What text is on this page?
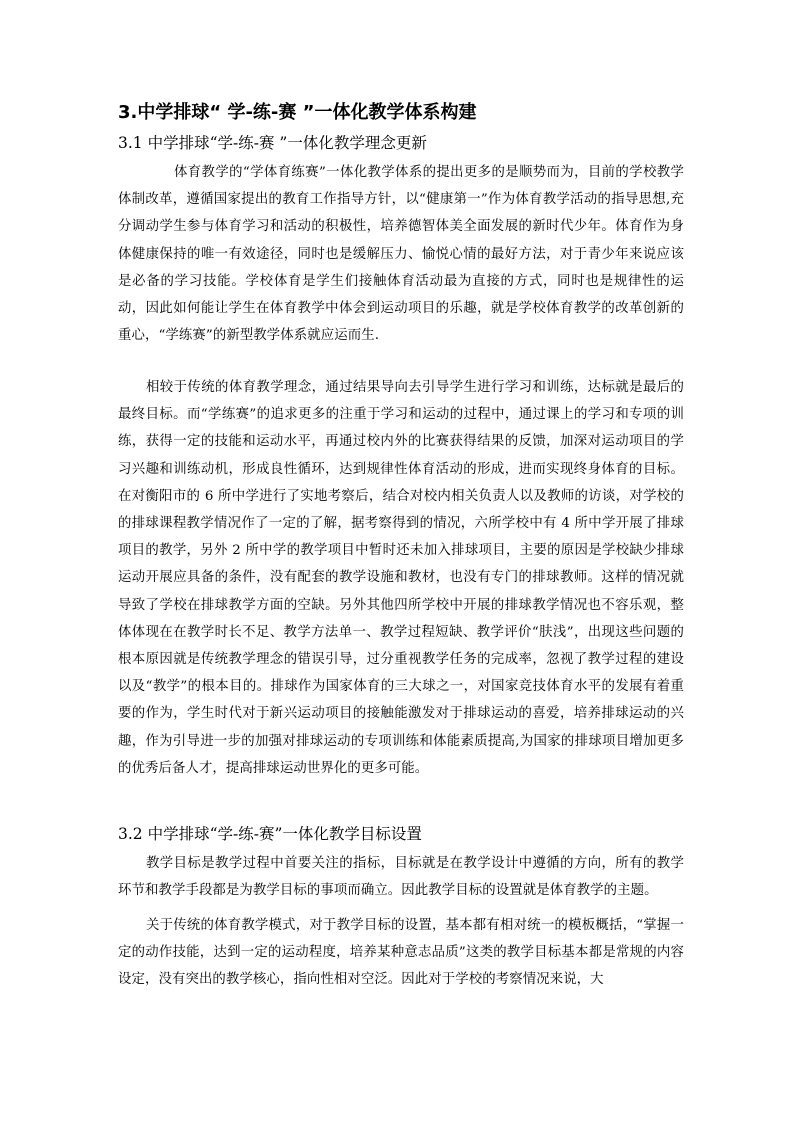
3.中学排球“ 学-练-赛 ”一体化教学体系构建
3.1 中学排球“学-练-赛 ”一体化教学理念更新

体育教学的“学体育练赛”一体化教学体系的提出更多的是顺势而为，目前的学校教学体制改革，遵循国家提出的教育工作指导方针，以“健康第一”作为体育教学活动的指导思想,充分调动学生参与体育学习和活动的积极性，培养德智体美全面发展的新时代少年。体育作为身体健康保持的唯一有效途径，同时也是缓解压力、愉悦心情的最好方法，对于青少年来说应该是必备的学习技能。学校体育是学生们接触体育活动最为直接的方式，同时也是规律性的运动，因此如何能让学生在体育教学中体会到运动项目的乐趣，就是学校体育教学的改革创新的重心，“学练赛”的新型教学体系就应运而生.

相较于传统的体育教学理念，通过结果导向去引导学生进行学习和训练，达标就是最后的最终目标。而“学练赛”的追求更多的注重于学习和运动的过程中，通过课上的学习和专项的训练，获得一定的技能和运动水平，再通过校内外的比赛获得结果的反馈，加深对运动项目的学习兴趣和训练动机，形成良性循环，达到规律性体育活动的形成，进而实现终身体育的目标。在对衡阳市的 6 所中学进行了实地考察后，结合对校内相关负责人以及教师的访谈，对学校的的排球课程教学情况作了一定的了解，据考察得到的情况，六所学校中有 4 所中学开展了排球项目的教学，另外 2 所中学的教学项目中暂时还未加入排球项目，主要的原因是学校缺少排球运动开展应具备的条件，没有配套的教学设施和教材，也没有专门的排球教师。这样的情况就导致了学校在排球教学方面的空缺。另外其他四所学校中开展的排球教学情况也不容乐观，整体体现在在教学时长不足、教学方法单一、教学过程短缺、教学评价“肤浅”，出现这些问题的根本原因就是传统教学理念的错误引导，过分重视教学任务的完成率，忽视了教学过程的建设以及“教学”的根本目的。排球作为国家体育的三大球之一，对国家竞技体育水平的发展有着重要的作为，学生时代对于新兴运动项目的接触能激发对于排球运动的喜爱，培养排球运动的兴趣，作为引导进一步的加强对排球运动的专项训练和体能素质提高,为国家的排球项目增加更多的优秀后备人才，提高排球运动世界化的更多可能。

3.2 中学排球“学-练-赛”一体化教学目标设置

教学目标是教学过程中首要关注的指标，目标就是在教学设计中遵循的方向，所有的教学环节和教学手段都是为教学目标的事项而确立。因此教学目标的设置就是体育教学的主题。

关于传统的体育教学模式，对于教学目标的设置，基本都有相对统一的模板概括，“掌握一定的动作技能，达到一定的运动程度，培养某种意志品质”这类的教学目标基本都是常规的内容设定，没有突出的教学核心，指向性相对空泛。因此对于学校的考察情况来说，大
